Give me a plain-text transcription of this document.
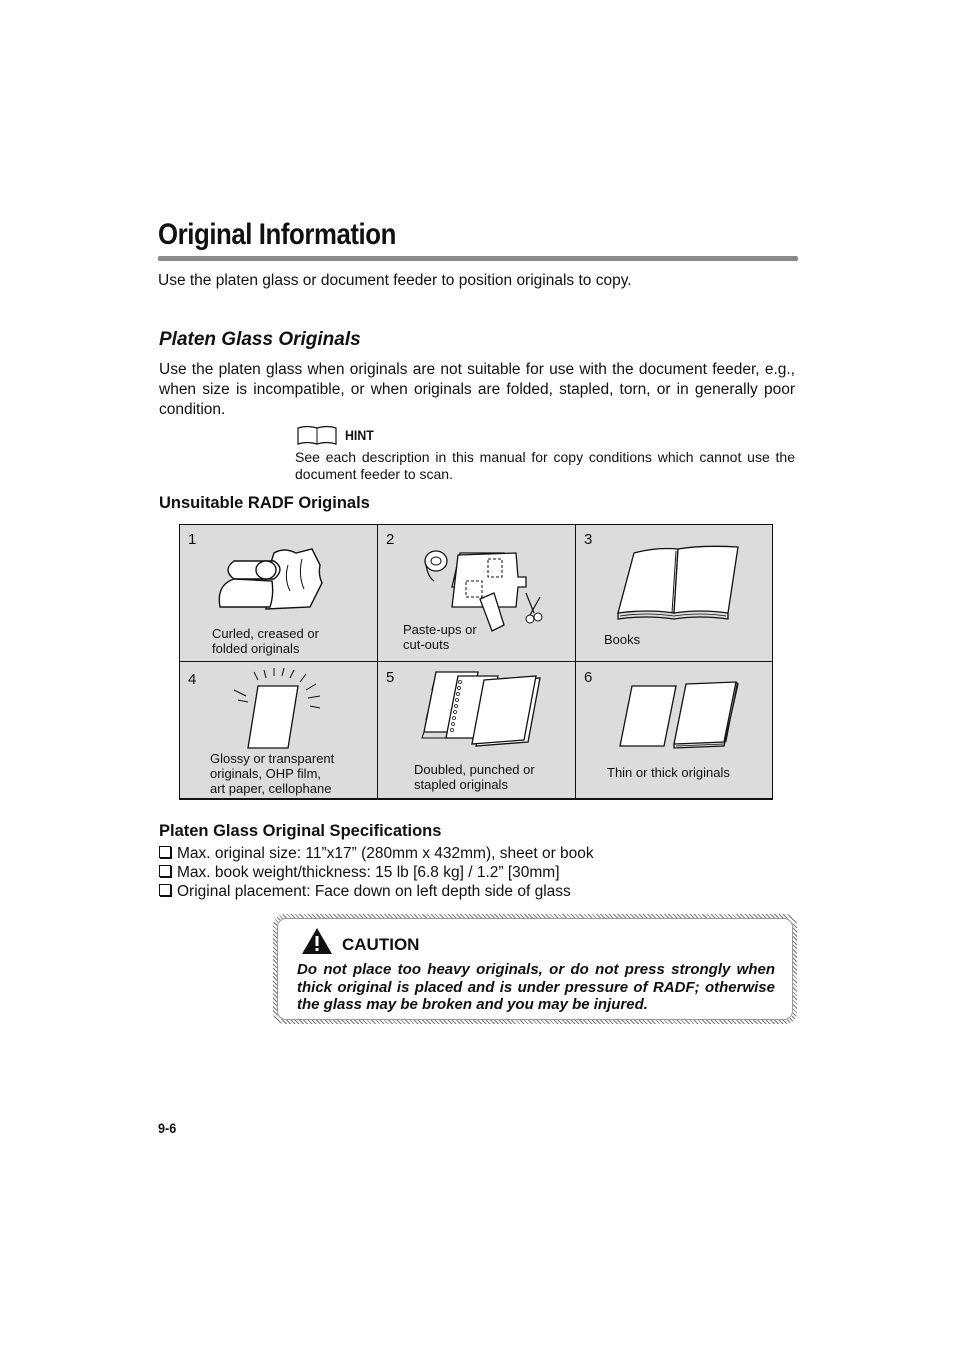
Original Information
Use the platen glass or document feeder to position originals to copy.
Platen Glass Originals
Use the platen glass when originals are not suitable for use with the document feeder, e.g., when size is incompatible, or when originals are folded, stapled, torn, or in generally poor condition.
HINT
See each description in this manual for copy conditions which cannot use the document feeder to scan.
Unsuitable RADF Originals
1
Curled, creased or
folded originals
2
Paste-ups or
cut-outs
3
Books
4
Glossy or transparent
originals, OHP film,
art paper, cellophane
5
Doubled, punched or
stapled originals
6
Thin or thick originals
Platen Glass Original Specifications
Max. original size: 11”x17” (280mm x 432mm), sheet or book
Max. book weight/thickness: 15 lb [6.8 kg] / 1.2” [30mm]
Original placement: Face down on left depth side of glass
CAUTION
Do not place too heavy originals, or do not press strongly when thick original is placed and is under pressure of RADF; otherwise the glass may be broken and you may be injured.
9-6
